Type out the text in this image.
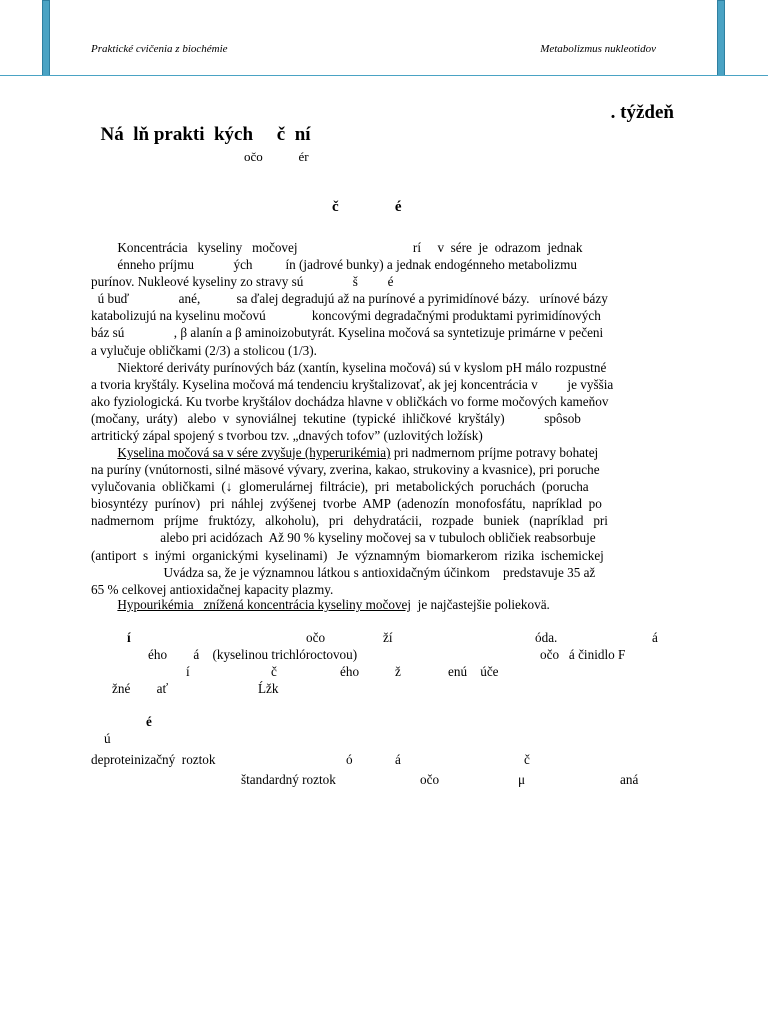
Praktické cvičenia z biochémie	Metabolizmus nukleotidov

Ná  lň prakti  kých     č  ní

. týždeň

očo           ér
č               é
Koncentrácia   kyseliny   močovej                                   rí     v  sére  je  odrazom  jednak
énneho príjmu            ých          ín (jadrové bunky) a jednak endogénneho metabolizmu
purínov. Nukleové kyseliny zo stravy sú               š         é
ú buď               ané,           sa ďalej degradujú až na purínové a pyrimidínové bázy.   urínové bázy
katabolizujú na kyselinu močovú              koncovými degradačnými produktami pyrimidínových
báz sú               , β alanín a β aminoizobutyrát. Kyselina močová sa syntetizuje primárne v pečeni
a vylučuje obličkami (2/3) a stolicou (1/3).
Niektoré deriváty purínových báz (xantín, kyselina močová) sú v kyslom pH málo rozpustné
a tvoria kryštály. Kyselina močová má tendenciu kryštalizovať, ak jej koncentrácia v         je vyššia
ako fyziologická. Ku tvorbe kryštálov dochádza hlavne v obličkách vo forme močových kameňov
(močany,  uráty)   alebo  v  synoviálnej  tekutine  (typické  ihličkové  kryštály)            spôsob
artritický zápal spojený s tvorbou tzv. „dnavých tofov” (uzlovitých ložísk)
Kyselina močová sa v sére zvyšuje (hyperurikémia) pri nadmernom príjme potravy bohatej
na puríny (vnútornosti, silné mäsové vývary, zverina, kakao, strukoviny a kvasnice), pri poruche
vylučovania  obličkami  (↓  glomerulárnej  filtrácie),  pri  metabolických  poruchách  (porucha
biosyntézy  purínov)   pri  náhlej  zvýšenej  tvorbe  AMP  (adenozín  monofosfátu,  napríklad  po
nadmernom   príjme   fruktózy,   alkoholu),   pri   dehydratácii,   rozpade   buniek   (napríklad   pri
alebo pri acidózach  Až 90 % kyseliny močovej sa v tubuloch obličiek reabsorbuje
(antiport  s  inými  organickými  kyselinami)   Je  významným  biomarkerom  rizika  ischemickej
Uvádza sa, že je významnou látkou s antioxidačným účinkom    predstavuje 35 až
65 % celkovej antioxidačnej kapacity plazmy.
Hypourikémia   znížená koncentrácia kyseliny močovej  je najčastejšie poliekovä.
í	očo	ží	óda.	á
ého        á    (kyselinou trichlóroctovou)	očo   á činidlo F
í	č	ého	ž	enú    úče
žné        ať	Ĺžk
é
ú
deproteinizačný  roztok	ó	á	č
štandardný roztok	očo	μ	aná
